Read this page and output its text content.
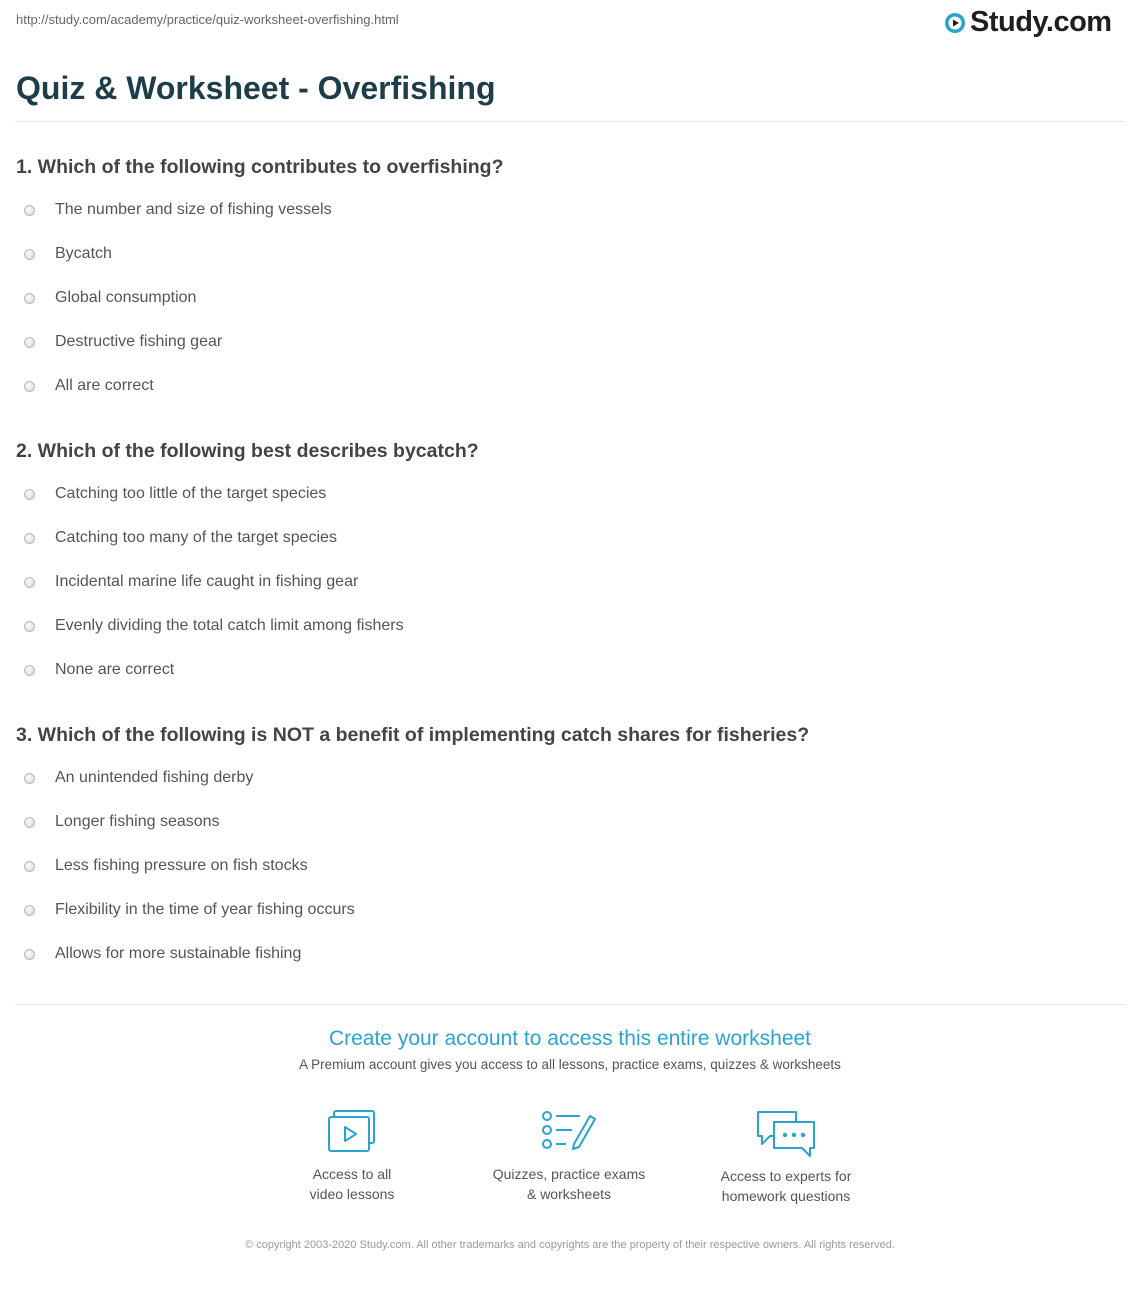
http://study.com/academy/practice/quiz-worksheet-overfishing.html	Study.com
Quiz & Worksheet - Overfishing

1. Which of the following contributes to overfishing?

The number and size of fishing vessels
Bycatch
Global consumption
Destructive fishing gear
All are correct

2. Which of the following best describes bycatch?

Catching too little of the target species
Catching too many of the target species
Incidental marine life caught in fishing gear
Evenly dividing the total catch limit among fishers
None are correct

3. Which of the following is NOT a benefit of implementing catch shares for fisheries?

An unintended fishing derby
Longer fishing seasons
Less fishing pressure on fish stocks
Flexibility in the time of year fishing occurs
Allows for more sustainable fishing
Create your account to access this entire worksheet
A Premium account gives you access to all lessons, practice exams, quizzes & worksheets
Access to all
video lessons
Quizzes, practice exams
& worksheets
Access to experts for
homework questions
© copyright 2003-2020 Study.com. All other trademarks and copyrights are the property of their respective owners. All rights reserved.
